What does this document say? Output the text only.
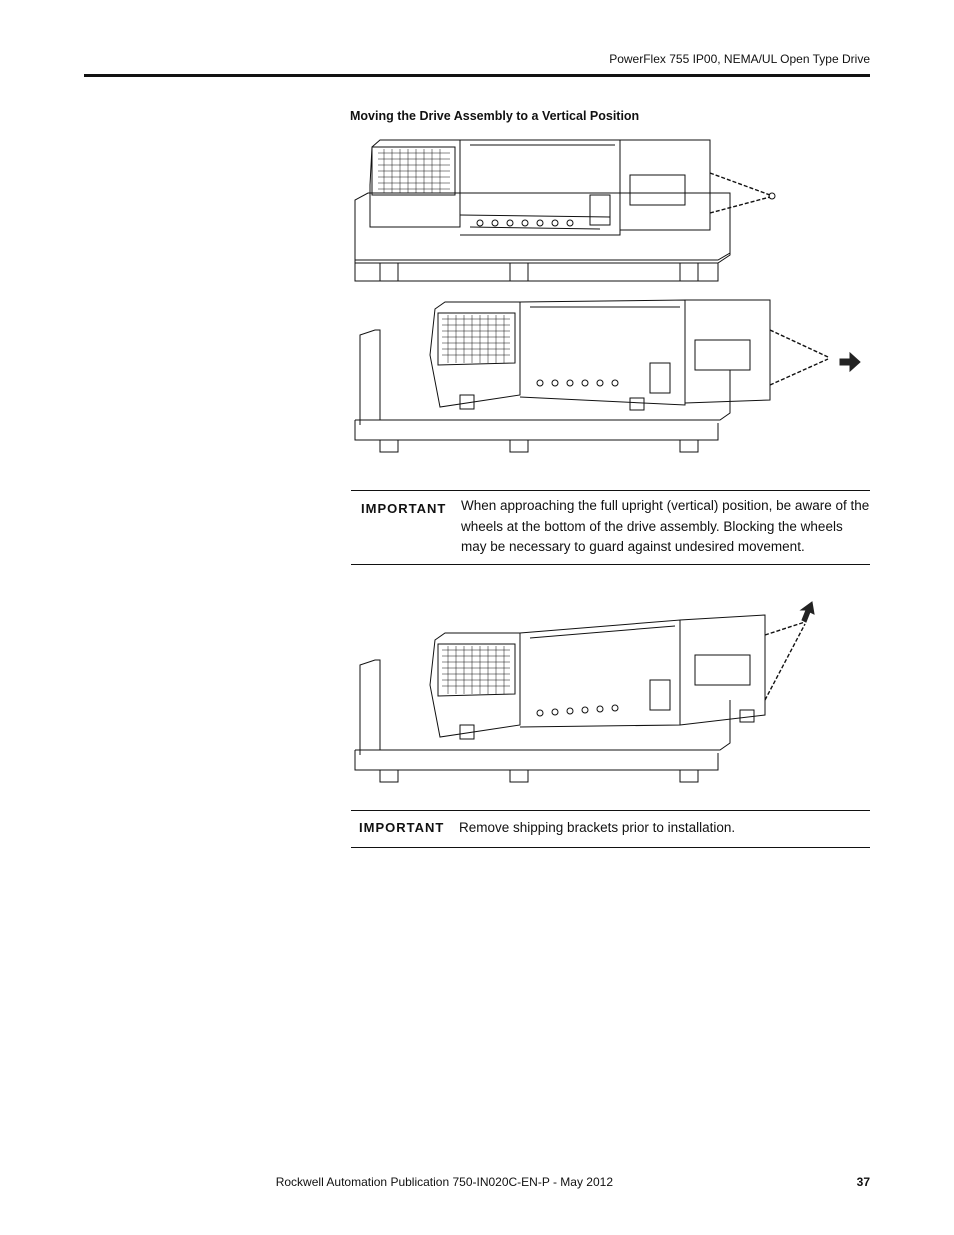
PowerFlex 755 IP00, NEMA/UL Open Type Drive
Moving the Drive Assembly to a Vertical Position
IMPORTANT When approaching the full upright (vertical) position, be aware of the wheels at the bottom of the drive assembly. Blocking the wheels may be necessary to guard against undesired movement.
IMPORTANT Remove shipping brackets prior to installation.
Rockwell Automation Publication 750-IN020C-EN-P - May 2012	37
